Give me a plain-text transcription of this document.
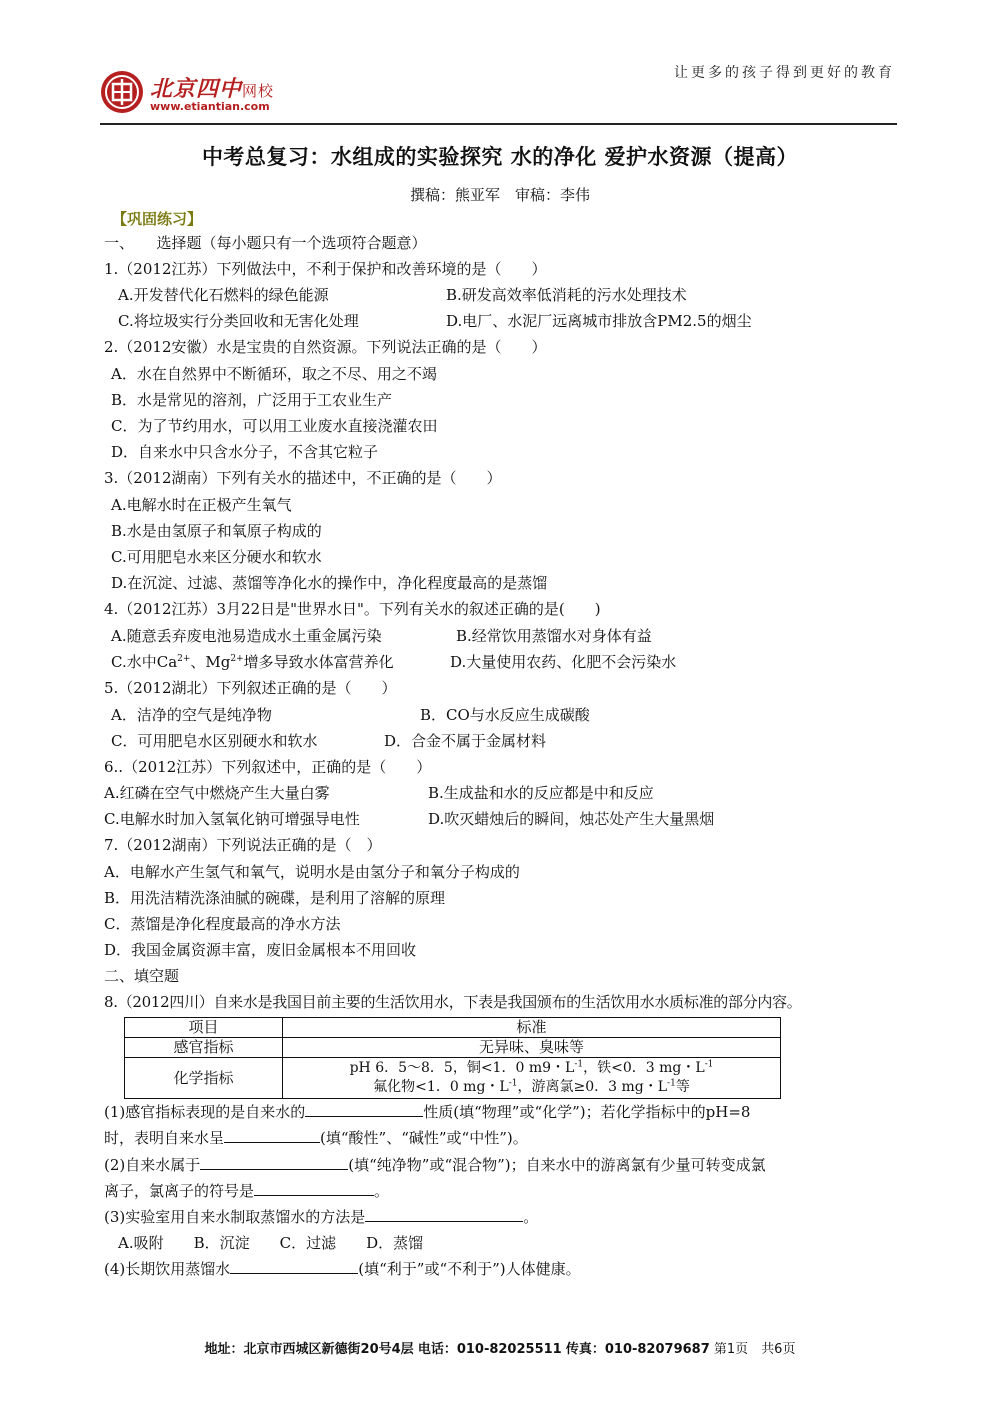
让更多的孩子得到更好的教育
北京四中网校
www.etiantian.com
中考总复习：水组成的实验探究 水的净化 爱护水资源（提高）
撰稿：熊亚军　审稿：李伟
【巩固练习】
一、　　选择题（每小题只有一个选项符合题意）
1.（2012江苏）下列做法中，不利于保护和改善环境的是（　　）
A.开发替代化石燃料的绿色能源	B.研发高效率低消耗的污水处理技术
C.将垃圾实行分类回收和无害化处理	D.电厂、水泥厂远离城市排放含PM2.5的烟尘
2.（2012安徽）水是宝贵的自然资源。下列说法正确的是（　　）
A．水在自然界中不断循环，取之不尽、用之不竭
B．水是常见的溶剂，广泛用于工农业生产
C．为了节约用水，可以用工业废水直接浇灌农田
D．自来水中只含水分子，不含其它粒子
3.（2012湖南）下列有关水的描述中，不正确的是（　　）
A.电解水时在正极产生氧气
B.水是由氢原子和氧原子构成的
C.可用肥皂水来区分硬水和软水
D.在沉淀、过滤、蒸馏等净化水的操作中，净化程度最高的是蒸馏
4.（2012江苏）3月22日是"世界水日"。下列有关水的叙述正确的是(　　)
A.随意丢弃废电池易造成水土重金属污染	B.经常饮用蒸馏水对身体有益
C.水中$Ca^{2+}$、$Mg^{2+}$增多导致水体富营养化	D.大量使用农药、化肥不会污染水
5.（2012湖北）下列叙述正确的是（　　）
A．洁净的空气是纯净物	B．CO与水反应生成碳酸
C．可用肥皂水区别硬水和软水	D．合金不属于金属材料
6..（2012江苏）下列叙述中，正确的是（　　）
A.红磷在空气中燃烧产生大量白雾	B.生成盐和水的反应都是中和反应
C.电解水时加入氢氧化钠可增强导电性	D.吹灭蜡烛后的瞬间，烛芯处产生大量黑烟
7.（2012湖南）下列说法正确的是（　）
A．电解水产生氢气和氧气，说明水是由氢分子和氧分子构成的
B．用洗洁精洗涤油腻的碗碟，是利用了溶解的原理
C．蒸馏是净化程度最高的净水方法
D．我国金属资源丰富，废旧金属根本不用回收
二、填空题
8.（2012四川）自来水是我国目前主要的生活饮用水，下表是我国颁布的生活饮用水水质标准的部分内容。
项目	标准
感官指标	无异味、臭味等
化学指标	pH 6．5～8．5，铜<1．0 m9・$L^{-1}$，铁<0．3 mg・$L^{-1}$
氟化物<1．0 mg・$L^{-1}$，游离氯≥0．3 mg・$L^{-1}$等
(1)感官指标表现的是自来水的	性质(填“物理”或“化学”)；若化学指标中的pH=8
时，表明自来水呈	(填“酸性”、“碱性”或“中性”)。
(2)自来水属于	(填“纯净物”或“混合物”)；自来水中的游离氯有少量可转变成氯
离子，氯离子的符号是	。
(3)实验室用自来水制取蒸馏水的方法是	。
A.吸附　　B．沉淀　　C．过滤　　D．蒸馏
(4)长期饮用蒸馏水	(填“利于”或“不利于”)人体健康。
地址：北京市西城区新德街20号4层 电话：010-82025511 传真：010-82079687 第1页　共6页
